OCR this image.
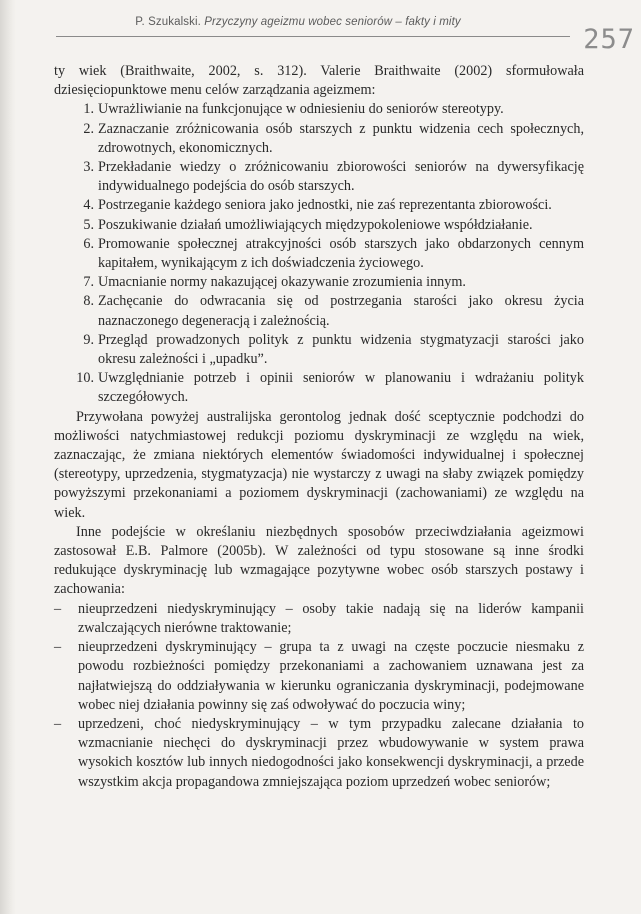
P. Szukalski. Przyczyny ageizmu wobec seniorów – fakty i mity
257

ty wiek (Braithwaite, 2002, s. 312). Valerie Braithwaite (2002) sformułowała dziesięciopunktowe menu celów zarządzania ageizmem:

1. Uwrażliwianie na funkcjonujące w odniesieniu do seniorów stereotypy.
2. Zaznaczanie zróżnicowania osób starszych z punktu widzenia cech społecznych, zdrowotnych, ekonomicznych.
3. Przekładanie wiedzy o zróżnicowaniu zbiorowości seniorów na dywersyfikację indywidualnego podejścia do osób starszych.
4. Postrzeganie każdego seniora jako jednostki, nie zaś reprezentanta zbiorowości.
5. Poszukiwanie działań umożliwiających międzypokoleniowe współdziałanie.
6. Promowanie społecznej atrakcyjności osób starszych jako obdarzonych cennym kapitałem, wynikającym z ich doświadczenia życiowego.
7. Umacnianie normy nakazującej okazywanie zrozumienia innym.
8. Zachęcanie do odwracania się od postrzegania starości jako okresu życia naznaczonego degeneracją i zależnością.
9. Przegląd prowadzonych polityk z punktu widzenia stygmatyzacji starości jako okresu zależności i „upadku”.
10. Uwzględnianie potrzeb i opinii seniorów w planowaniu i wdrażaniu polityk szczegółowych.

Przywołana powyżej australijska gerontolog jednak dość sceptycznie podchodzi do możliwości natychmiastowej redukcji poziomu dyskryminacji ze względu na wiek, zaznaczając, że zmiana niektórych elementów świadomości indywidualnej i społecznej (stereotypy, uprzedzenia, stygmatyzacja) nie wystarczy z uwagi na słaby związek pomiędzy powyższymi przekonaniami a poziomem dyskryminacji (zachowaniami) ze względu na wiek.

Inne podejście w określaniu niezbędnych sposobów przeciwdziałania ageizmowi zastosował E.B. Palmore (2005b). W zależności od typu stosowane są inne środki redukujące dyskryminację lub wzmagające pozytywne wobec osób starszych postawy i zachowania:

– nieuprzedzeni niedyskryminujący – osoby takie nadają się na liderów kampanii zwalczających nierówne traktowanie;
– nieuprzedzeni dyskryminujący – grupa ta z uwagi na częste poczucie niesmaku z powodu rozbieżności pomiędzy przekonaniami a zachowaniem uznawana jest za najłatwiejszą do oddziaływania w kierunku ograniczania dyskryminacji, podejmowane wobec niej działania powinny się zaś odwoływać do poczucia winy;
– uprzedzeni, choć niedyskryminujący – w tym przypadku zalecane działania to wzmacnianie niechęci do dyskryminacji przez wbudowywanie w system prawa wysokich kosztów lub innych niedogodności jako konsekwencji dyskryminacji, a przede wszystkim akcja propagandowa zmniejszająca poziom uprzedzeń wobec seniorów;
